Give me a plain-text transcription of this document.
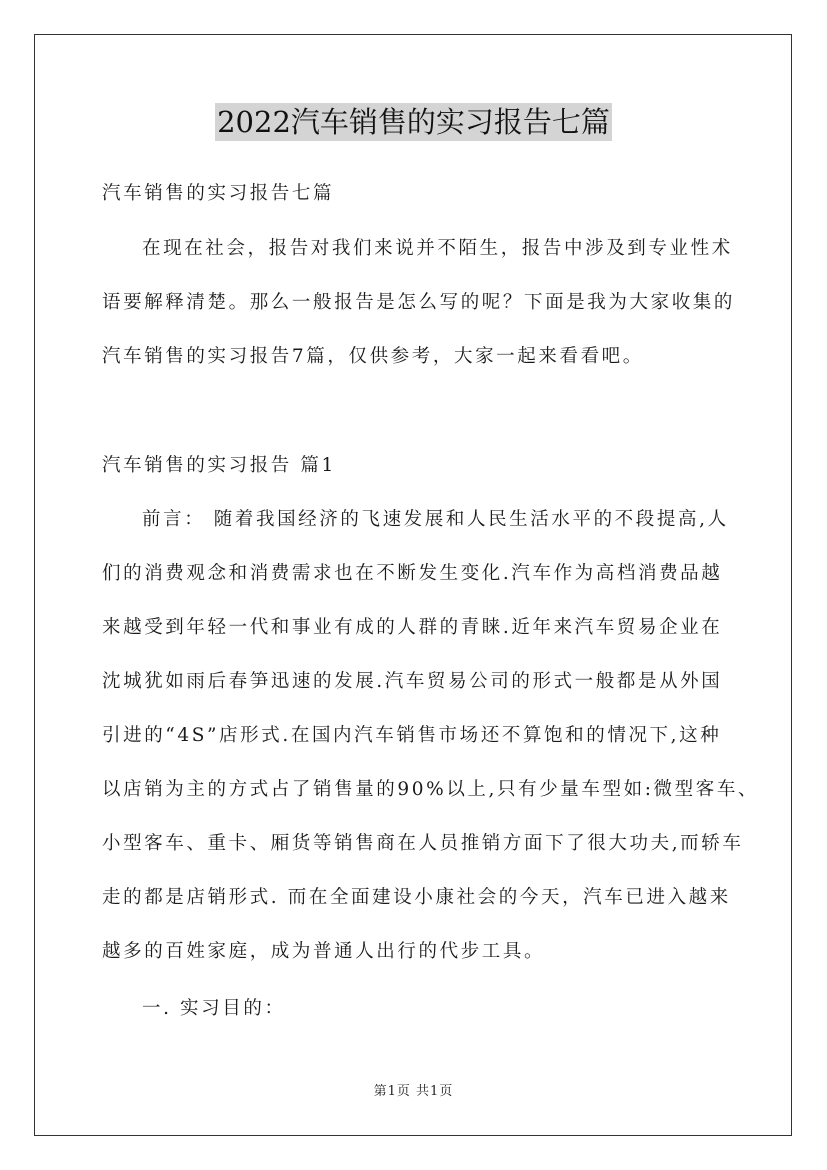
2022汽车销售的实习报告七篇
汽车销售的实习报告七篇
在现在社会，报告对我们来说并不陌生，报告中涉及到专业性术
语要解释清楚。那么一般报告是怎么写的呢？下面是我为大家收集的
汽车销售的实习报告7篇，仅供参考，大家一起来看看吧。
汽车销售的实习报告 篇1
前言： 随着我国经济的飞速发展和人民生活水平的不段提高,人
们的消费观念和消费需求也在不断发生变化.汽车作为高档消费品越
来越受到年轻一代和事业有成的人群的青睐.近年来汽车贸易企业在
沈城犹如雨后春笋迅速的发展.汽车贸易公司的形式一般都是从外国
引进的“4S”店形式.在国内汽车销售市场还不算饱和的情况下,这种
以店销为主的方式占了销售量的90%以上,只有少量车型如:微型客车、
小型客车、重卡、厢货等销售商在人员推销方面下了很大功夫,而轿车
走的都是店销形式. 而在全面建设小康社会的今天，汽车已进入越来
越多的百姓家庭，成为普通人出行的代步工具。
一. 实习目的：
第1页 共1页
